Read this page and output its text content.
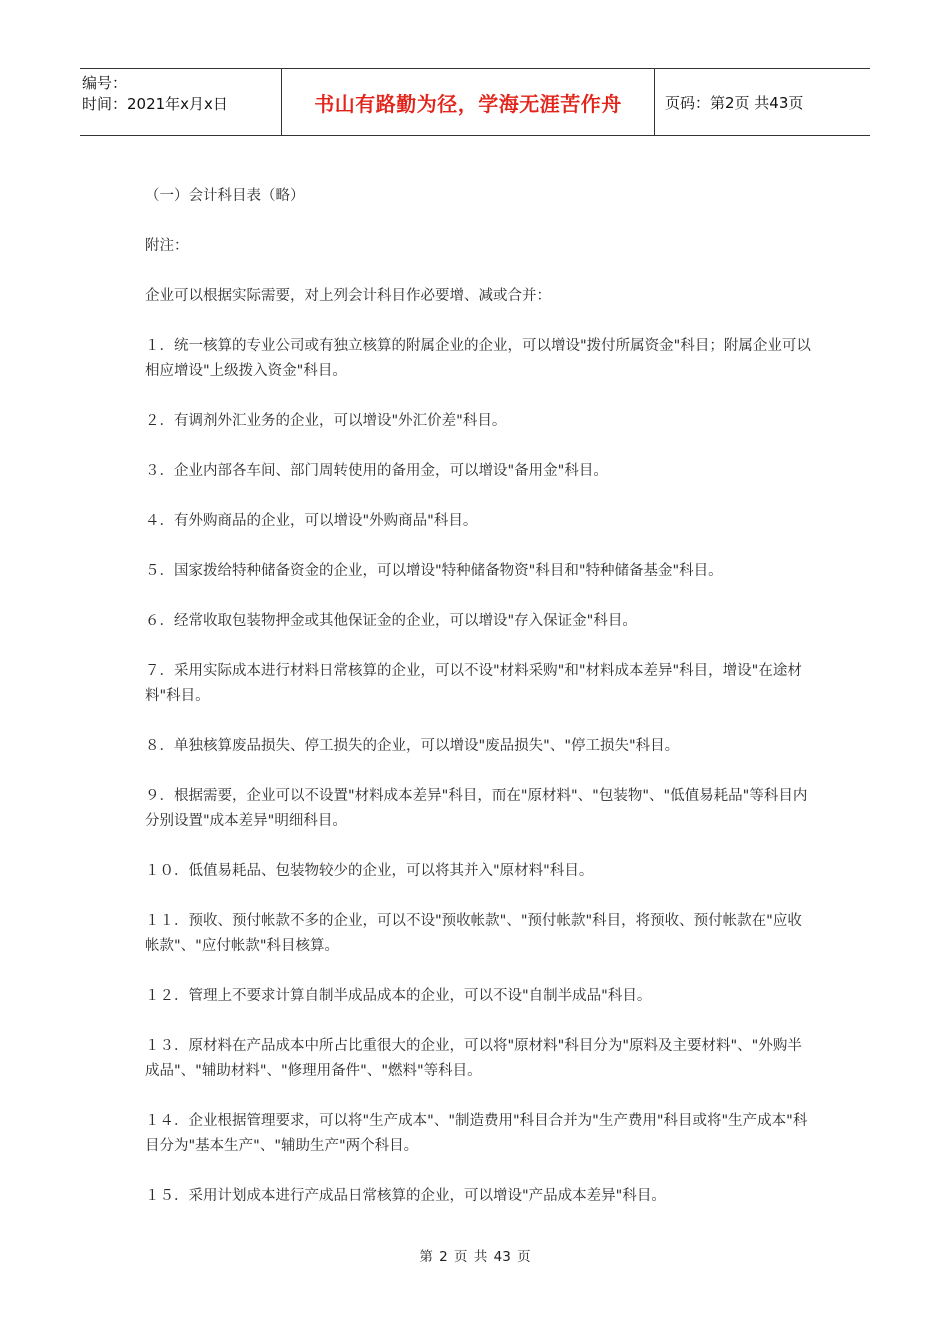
编号：
时间：2021年x月x日	书山有路勤为径，学海无涯苦作舟	页码：第2页 共43页

（一）会计科目表（略）

附注：

企业可以根据实际需要，对上列会计科目作必要增、减或合并：

１．统一核算的专业公司或有独立核算的附属企业的企业，可以增设"拨付所属资金"科目；附属企业可以相应增设"上级拨入资金"科目。

２．有调剂外汇业务的企业，可以增设"外汇价差"科目。

３．企业内部各车间、部门周转使用的备用金，可以增设"备用金"科目。

４．有外购商品的企业，可以增设"外购商品"科目。

５．国家拨给特种储备资金的企业，可以增设"特种储备物资"科目和"特种储备基金"科目。

６．经常收取包装物押金或其他保证金的企业，可以增设"存入保证金"科目。

７．采用实际成本进行材料日常核算的企业，可以不设"材料采购"和"材料成本差异"科目，增设"在途材料"科目。

８．单独核算废品损失、停工损失的企业，可以增设"废品损失"、"停工损失"科目。

９．根据需要，企业可以不设置"材料成本差异"科目，而在"原材料"、"包装物"、"低值易耗品"等科目内分别设置"成本差异"明细科目。

１０．低值易耗品、包装物较少的企业，可以将其并入"原材料"科目。

１１．预收、预付帐款不多的企业，可以不设"预收帐款"、"预付帐款"科目，将预收、预付帐款在"应收帐款"、"应付帐款"科目核算。

１２．管理上不要求计算自制半成品成本的企业，可以不设"自制半成品"科目。

１３．原材料在产品成本中所占比重很大的企业，可以将"原材料"科目分为"原料及主要材料"、"外购半成品"、"辅助材料"、"修理用备件"、"燃料"等科目。

１４．企业根据管理要求，可以将"生产成本"、"制造费用"科目合并为"生产费用"科目或将"生产成本"科目分为"基本生产"、"辅助生产"两个科目。

１５．采用计划成本进行产成品日常核算的企业，可以增设"产品成本差异"科目。

第 2 页 共 43 页
